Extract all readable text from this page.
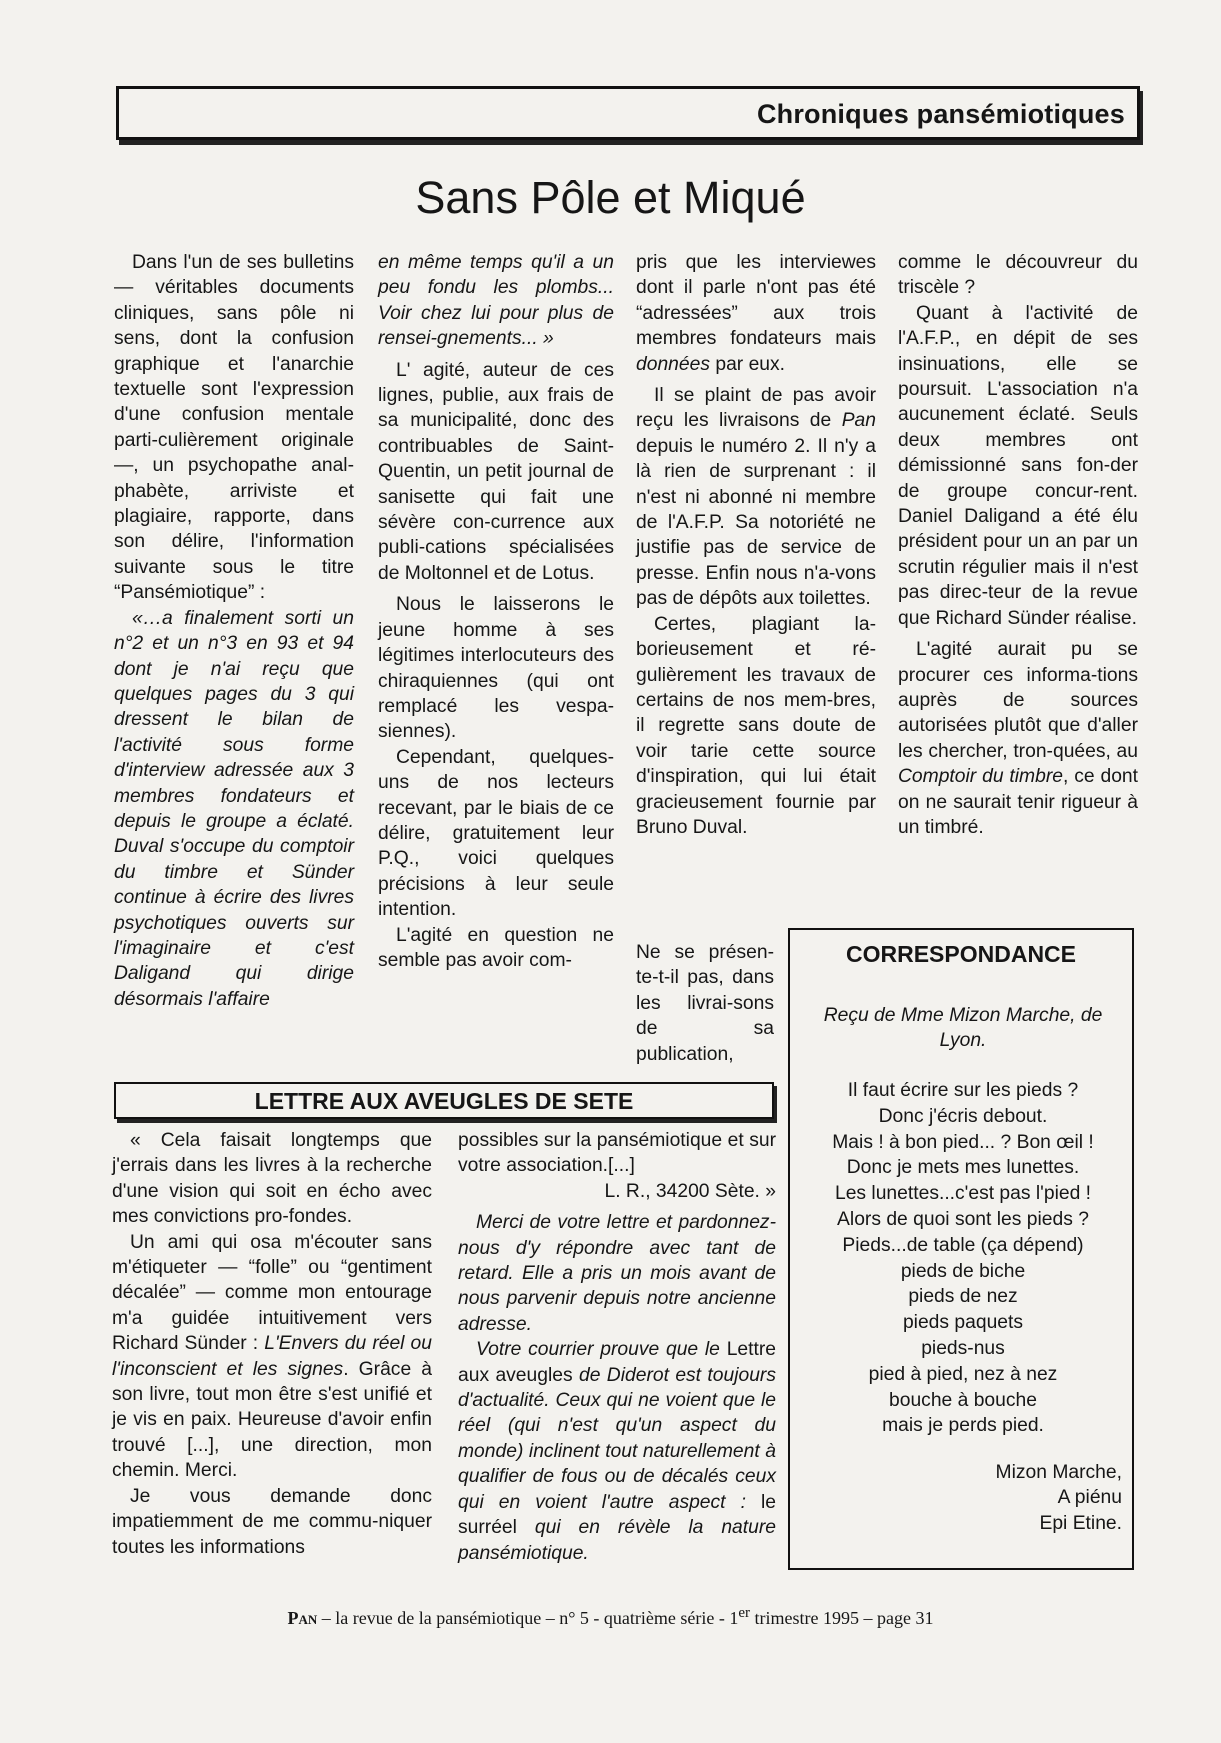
Chroniques pansémiotiques
Sans Pôle et Miqué

Dans l'un de ses bulletins — véritables documents cliniques, sans pôle ni sens, dont la confusion graphique et l'anarchie textuelle sont l'expression d'une confusion mentale parti-culièrement originale —, un psychopathe anal-phabète, arriviste et plagiaire, rapporte, dans son délire, l'information suivante sous le titre “Pansémiotique” :

«…a finalement sorti un n°2 et un n°3 en 93 et 94 dont je n'ai reçu que quelques pages du 3 qui dressent le bilan de l'activité sous forme d'interview adressée aux 3 membres fondateurs et depuis le groupe a éclaté. Duval s'occupe du comptoir du timbre et Sünder continue à écrire des livres psychotiques ouverts sur l'imaginaire et c'est Daligand qui dirige désormais l'affaire

en même temps qu'il a un peu fondu les plombs... Voir chez lui pour plus de rensei-gnements... »

L' agité, auteur de ces lignes, publie, aux frais de sa municipalité, donc des contribuables de Saint-Quentin, un petit journal de sanisette qui fait une sévère con-currence aux publi-cations spécialisées de Moltonnel et de Lotus.

Nous le laisserons le jeune homme à ses légitimes interlocuteurs des chiraquiennes (qui ont remplacé les vespa-siennes).

Cependant, quelques-uns de nos lecteurs recevant, par le biais de ce délire, gratuitement leur P.Q., voici quelques précisions à leur seule intention.

L'agité en question ne semble pas avoir com-

pris que les interviewes dont il parle n'ont pas été “adressées” aux trois membres fondateurs mais données par eux.

Il se plaint de pas avoir reçu les livraisons de Pan depuis le numéro 2. Il n'y a là rien de surprenant : il n'est ni abonné ni membre de l'A.F.P. Sa notoriété ne justifie pas de service de presse. Enfin nous n'a-vons pas de dépôts aux toilettes.

Certes, plagiant la-borieusement et ré-gulièrement les travaux de certains de nos mem-bres, il regrette sans doute de voir tarie cette source d'inspiration, qui lui était gracieusement fournie par Bruno Duval.

Ne se présen-te-t-il pas, dans les livrai-sons de sa publication,

comme le découvreur du triscèle ?

Quant à l'activité de l'A.F.P., en dépit de ses insinuations, elle se poursuit. L'association n'a aucunement éclaté. Seuls deux membres ont démissionné sans fon-der de groupe concur-rent. Daniel Daligand a été élu président pour un an par un scrutin régulier mais il n'est pas direc-teur de la revue que Richard Sünder réalise.

L'agité aurait pu se procurer ces informa-tions auprès de sources autorisées plutôt que d'aller les chercher, tron-quées, au Comptoir du timbre, ce dont on ne saurait tenir rigueur à un timbré.

CORRESPONDANCE
Reçu de Mme Mizon Marche, de Lyon.
Il faut écrire sur les pieds ?
Donc j'écris debout.
Mais ! à bon pied... ? Bon œil !
Donc je mets mes lunettes.
Les lunettes...c'est pas l'pied !
Alors de quoi sont les pieds ?
Pieds...de table (ça dépend)
pieds de biche
pieds de nez
pieds paquets
pieds-nus
pied à pied, nez à nez
bouche à bouche
mais je perds pied.
Mizon Marche,
A piénu
Epi Etine.
LETTRE AUX AVEUGLES DE SETE

« Cela faisait longtemps que j'errais dans les livres à la recherche d'une vision qui soit en écho avec mes convictions pro-fondes.

Un ami qui osa m'écouter sans m'étiqueter — “folle” ou “gentiment décalée” — comme mon entourage m'a guidée intuitivement vers Richard Sünder : L'Envers du réel ou l'inconscient et les signes. Grâce à son livre, tout mon être s'est unifié et je vis en paix. Heureuse d'avoir enfin trouvé [...], une direction, mon chemin. Merci.

Je vous demande donc impatiemment de me commu-niquer toutes les informations

possibles sur la pansémiotique et sur votre association.[...]

L. R., 34200 Sète. »

Merci de votre lettre et pardonnez-nous d'y répondre avec tant de retard. Elle a pris un mois avant de nous parvenir depuis notre ancienne adresse.

Votre courrier prouve que le Lettre aux aveugles de Diderot est toujours d'actualité. Ceux qui ne voient que le réel (qui n'est qu'un aspect du monde) inclinent tout naturellement à qualifier de fous ou de décalés ceux qui en voient l'autre aspect : le surréel qui en révèle la nature pansémiotique.

Pan – la revue de la pansémiotique – n° 5 - quatrième série - 1er trimestre 1995 – page 31
